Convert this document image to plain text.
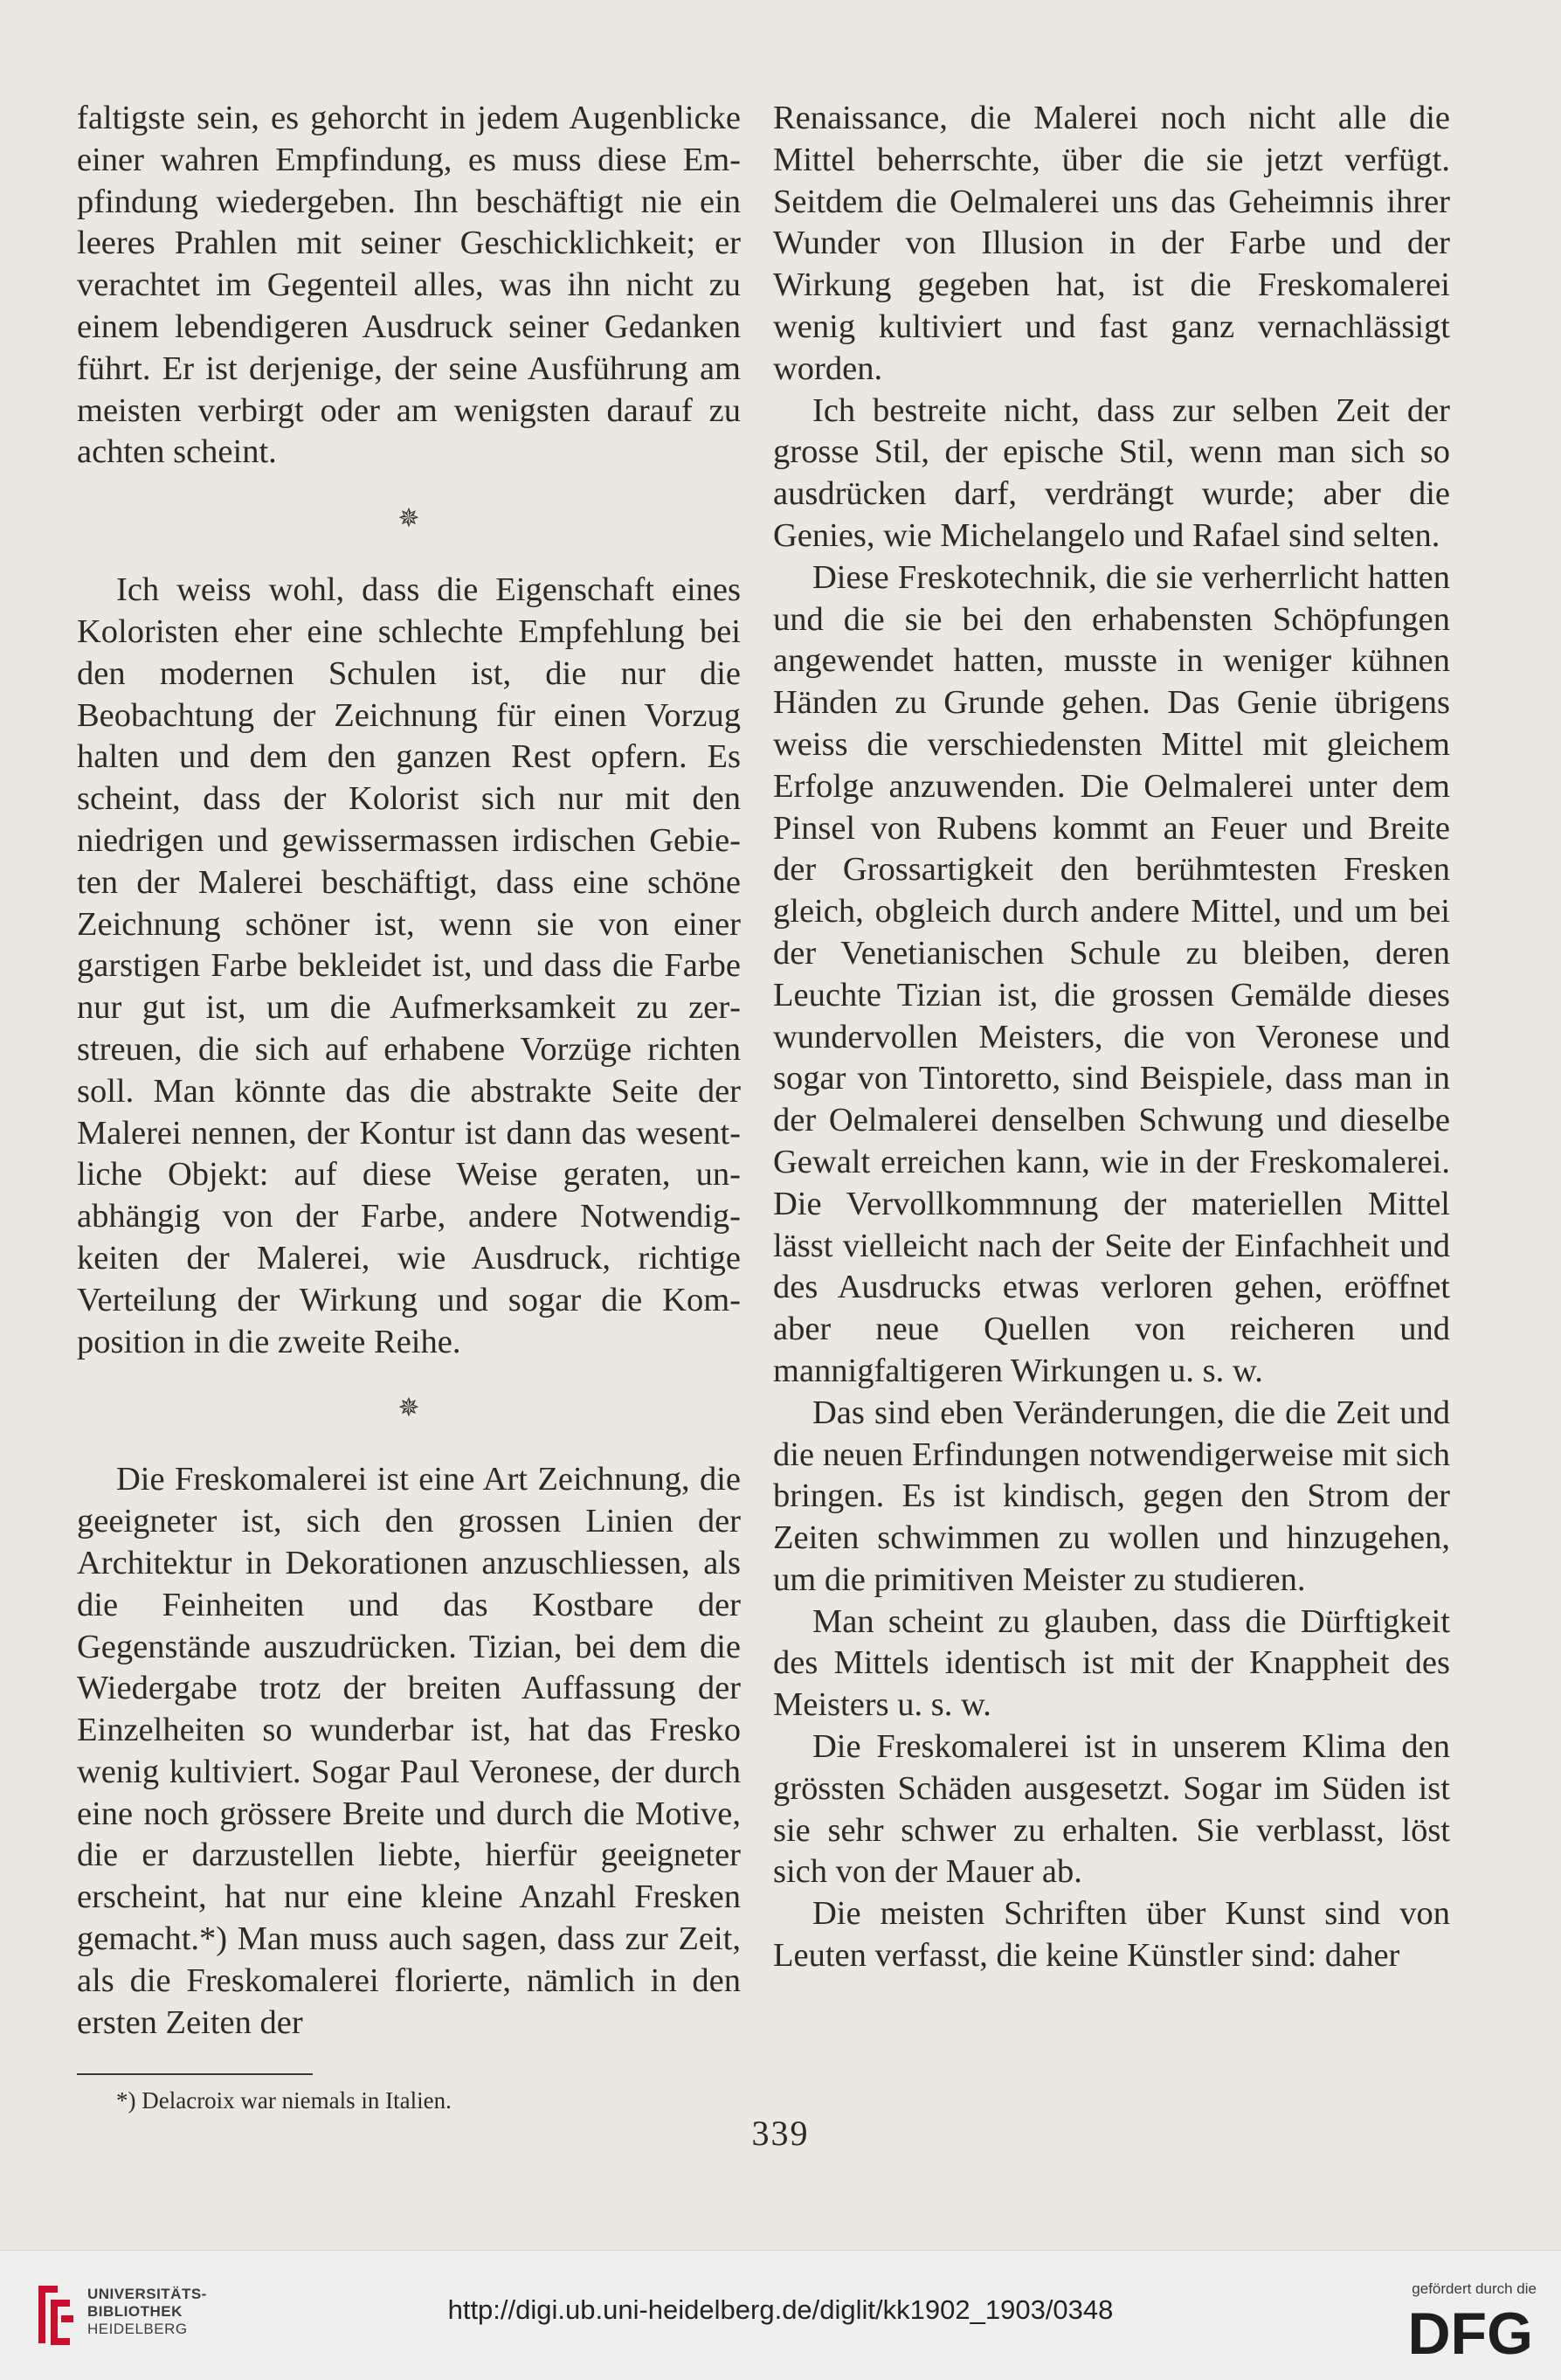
faltigste sein, es gehorcht in jedem Augenblicke einer wahren Empfindung, es muss diese Empfindung wiedergeben. Ihn beschäftigt nie ein leeres Prahlen mit seiner Geschicklichkeit; er verachtet im Gegenteil alles, was ihn nicht zu einem lebendigeren Ausdruck seiner Gedanken führt. Er ist derjenige, der seine Ausführung am meisten verbirgt oder am wenigsten darauf zu achten scheint.

✵

Ich weiss wohl, dass die Eigenschaft eines Koloristen eher eine schlechte Empfehlung bei den modernen Schulen ist, die nur die Beobachtung der Zeichnung für einen Vorzug halten und dem den ganzen Rest opfern. Es scheint, dass der Kolorist sich nur mit den niedrigen und gewissermassen irdischen Gebieten der Malerei beschäftigt, dass eine schöne Zeichnung schöner ist, wenn sie von einer garstigen Farbe bekleidet ist, und dass die Farbe nur gut ist, um die Aufmerksamkeit zu zerstreuen, die sich auf erhabene Vorzüge richten soll. Man könnte das die abstrakte Seite der Malerei nennen, der Kontur ist dann das wesentliche Objekt: auf diese Weise geraten, unabhängig von der Farbe, andere Notwendigkeiten der Malerei, wie Ausdruck, richtige Verteilung der Wirkung und sogar die Komposition in die zweite Reihe.

✵

Die Freskomalerei ist eine Art Zeichnung, die geeigneter ist, sich den grossen Linien der Architektur in Dekorationen anzuschliessen, als die Feinheiten und das Kostbare der Gegenstände auszudrücken. Tizian, bei dem die Wiedergabe trotz der breiten Auffassung der Einzelheiten so wunderbar ist, hat das Fresko wenig kultiviert. Sogar Paul Veronese, der durch eine noch grössere Breite und durch die Motive, die er darzustellen liebte, hierfür geeigneter erscheint, hat nur eine kleine Anzahl Fresken gemacht.*) Man muss auch sagen, dass zur Zeit, als die Freskomalerei florierte, nämlich in den ersten Zeiten der

*) Delacroix war niemals in Italien.

Renaissance, die Malerei noch nicht alle die Mittel beherrschte, über die sie jetzt verfügt. Seitdem die Oelmalerei uns das Geheimnis ihrer Wunder von Illusion in der Farbe und der Wirkung gegeben hat, ist die Freskomalerei wenig kultiviert und fast ganz vernachlässigt worden.

Ich bestreite nicht, dass zur selben Zeit der grosse Stil, der epische Stil, wenn man sich so ausdrücken darf, verdrängt wurde; aber die Genies, wie Michelangelo und Rafael sind selten.

Diese Freskotechnik, die sie verherrlicht hatten und die sie bei den erhabensten Schöpfungen angewendet hatten, musste in weniger kühnen Händen zu Grunde gehen. Das Genie übrigens weiss die verschiedensten Mittel mit gleichem Erfolge anzuwenden. Die Oelmalerei unter dem Pinsel von Rubens kommt an Feuer und Breite der Grossartigkeit den berühmtesten Fresken gleich, obgleich durch andere Mittel, und um bei der Venetianischen Schule zu bleiben, deren Leuchte Tizian ist, die grossen Gemälde dieses wundervollen Meisters, die von Veronese und sogar von Tintoretto, sind Beispiele, dass man in der Oelmalerei denselben Schwung und dieselbe Gewalt erreichen kann, wie in der Freskomalerei. Die Vervollkommnung der materiellen Mittel lässt vielleicht nach der Seite der Einfachheit und des Ausdrucks etwas verloren gehen, eröffnet aber neue Quellen von reicheren und mannigfaltigeren Wirkungen u. s. w.

Das sind eben Veränderungen, die die Zeit und die neuen Erfindungen notwendigerweise mit sich bringen. Es ist kindisch, gegen den Strom der Zeiten schwimmen zu wollen und hinzugehen, um die primitiven Meister zu studieren.

Man scheint zu glauben, dass die Dürftigkeit des Mittels identisch ist mit der Knappheit des Meisters u. s. w.

Die Freskomalerei ist in unserem Klima den grössten Schäden ausgesetzt. Sogar im Süden ist sie sehr schwer zu erhalten. Sie verblasst, löst sich von der Mauer ab.

Die meisten Schriften über Kunst sind von Leuten verfasst, die keine Künstler sind: daher

339
UNIVERSITÄTS-
BIBLIOTHEK
HEIDELBERG
http://digi.ub.uni-heidelberg.de/diglit/kk1902_1903/0348
gefördert durch die
DFG
